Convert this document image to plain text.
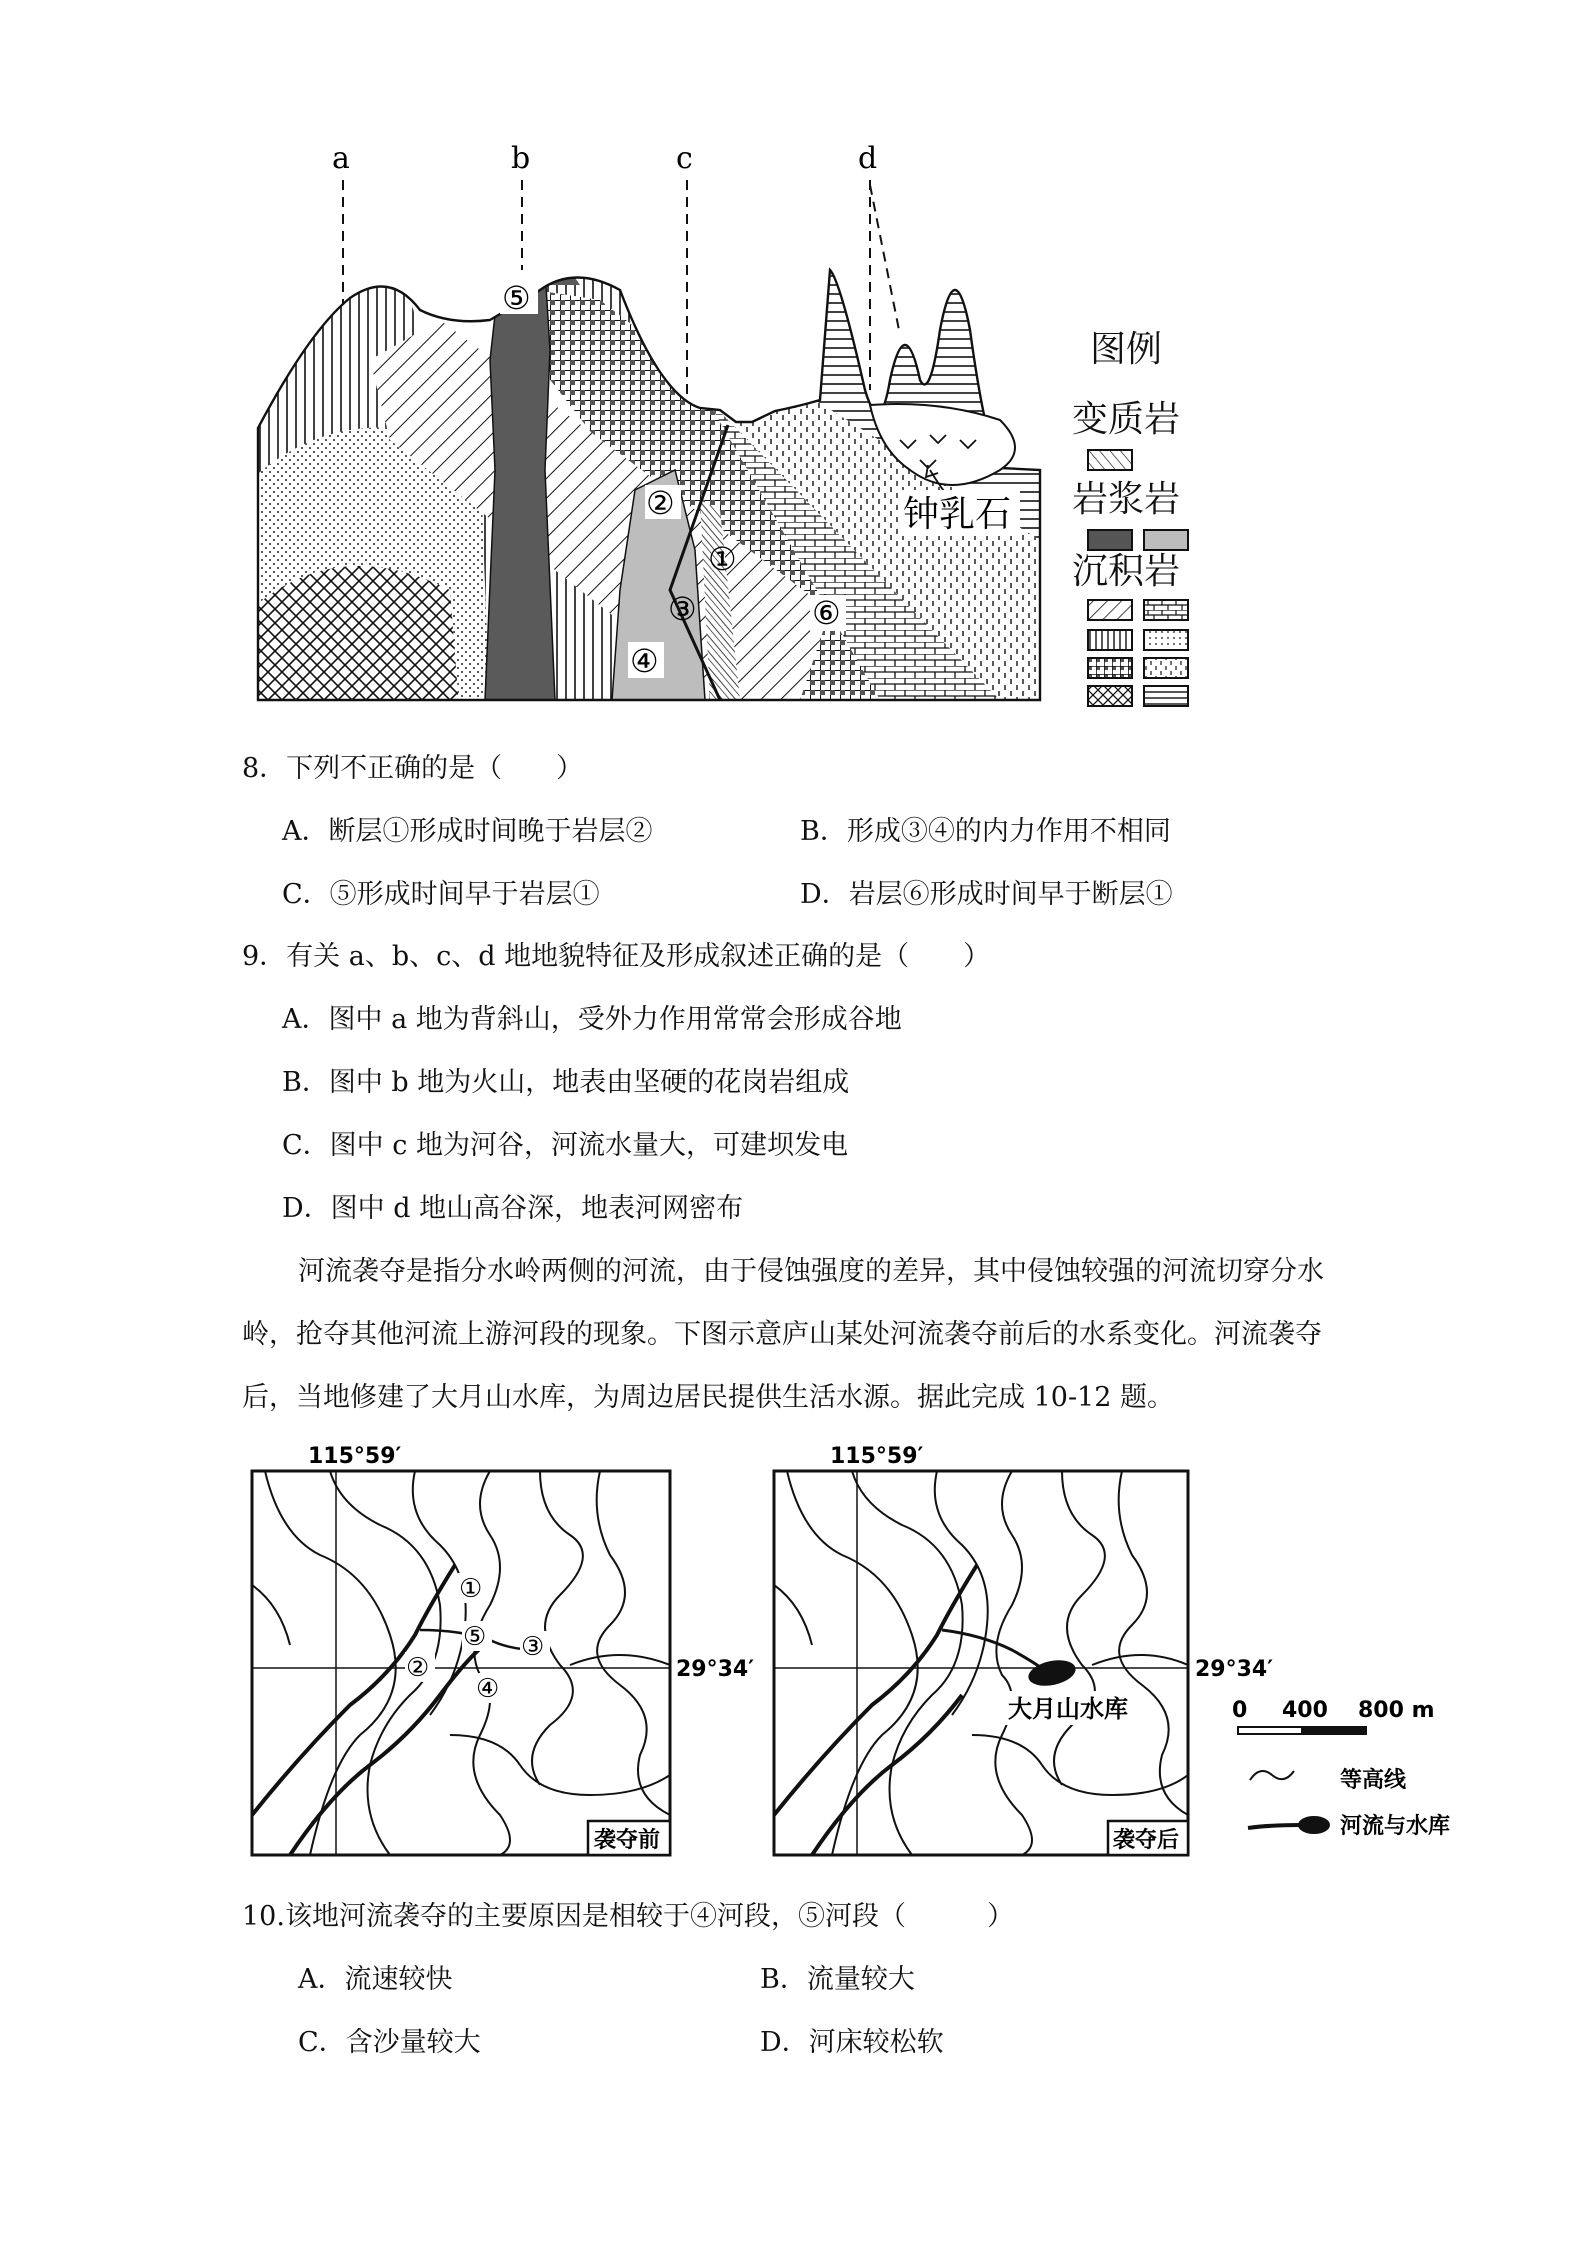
a	b	c	d
⑤
②
①
③
④
⑥
钟乳石
图例
变质岩
岩浆岩
沉积岩
8．下列不正确的是（　　）
A．断层①形成时间晚于岩层②	B．形成③④的内力作用不相同
C．⑤形成时间早于岩层①	D．岩层⑥形成时间早于断层①
9．有关 a、b、c、d 地地貌特征及形成叙述正确的是（　　）
A．图中 a 地为背斜山，受外力作用常常会形成谷地
B．图中 b 地为火山，地表由坚硬的花岗岩组成
C．图中 c 地为河谷，河流水量大，可建坝发电
D．图中 d 地山高谷深，地表河网密布
河流袭夺是指分水岭两侧的河流，由于侵蚀强度的差异，其中侵蚀较强的河流切穿分水
岭，抢夺其他河流上游河段的现象。下图示意庐山某处河流袭夺前后的水系变化。河流袭夺
后，当地修建了大月山水库，为周边居民提供生活水源。据此完成 10-12 题。
①
⑤ ③
②
④
袭夺前
115°59′
29°34′
大月山水库
袭夺后
115°59′
29°34′
0 400 800 m
等高线
河流与水库
10.该地河流袭夺的主要原因是相较于④河段，⑤河段（　　　）
A．流速较快	B．流量较大
C．含沙量较大	D．河床较松软
